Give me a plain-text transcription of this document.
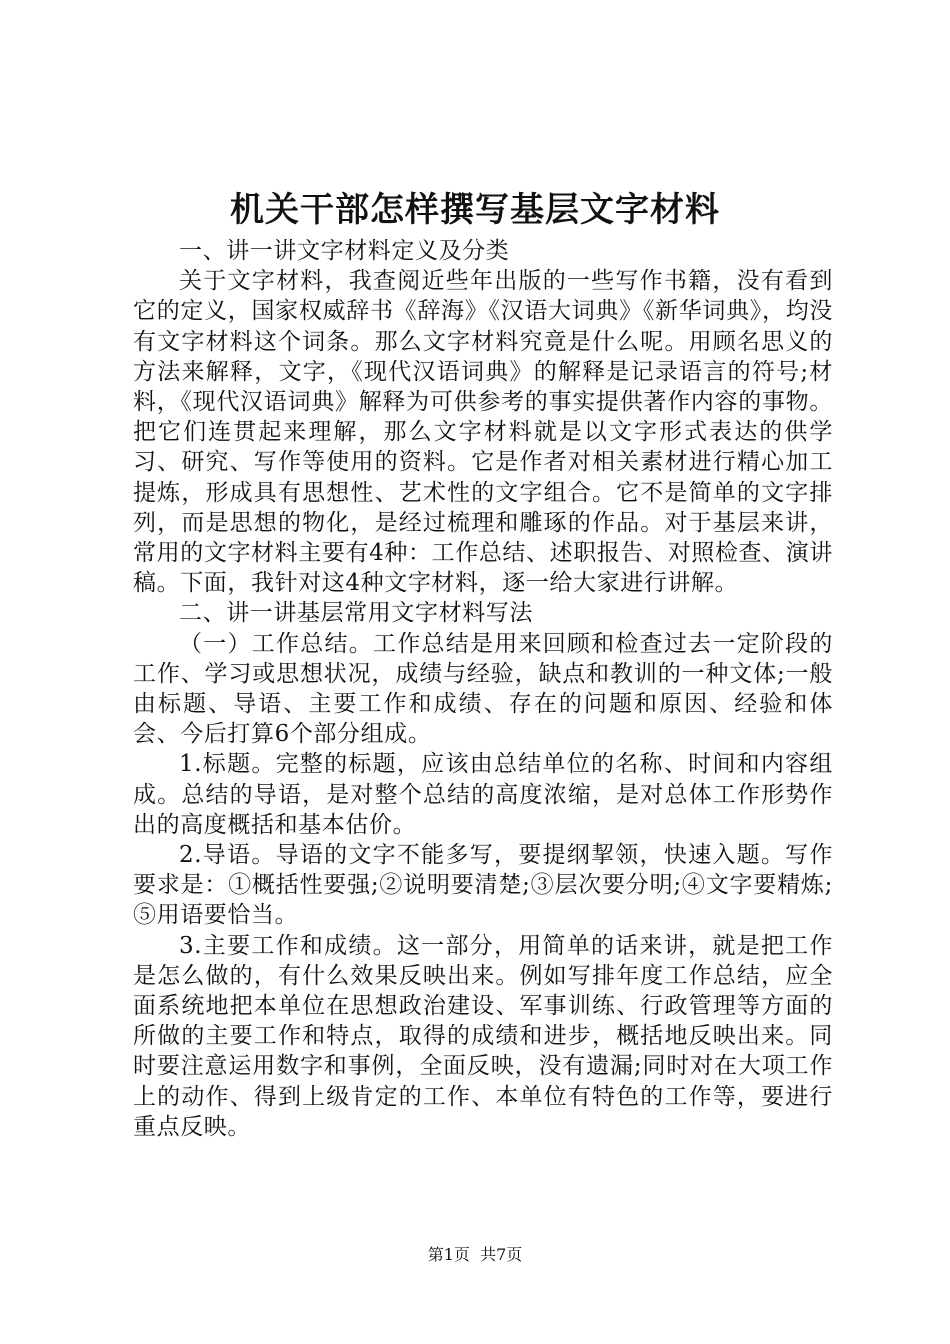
机关干部怎样撰写基层文字材料

一、讲一讲文字材料定义及分类

关于文字材料，我查阅近些年出版的一些写作书籍，没有看到它的定义，国家权威辞书《辞海》《汉语大词典》《新华词典》，均没有文字材料这个词条。那么文字材料究竟是什么呢。用顾名思义的方法来解释，文字，《现代汉语词典》的解释是记录语言的符号;材料，《现代汉语词典》解释为可供参考的事实提供著作内容的事物。把它们连贯起来理解，那么文字材料就是以文字形式表达的供学习、研究、写作等使用的资料。它是作者对相关素材进行精心加工提炼，形成具有思想性、艺术性的文字组合。它不是简单的文字排列，而是思想的物化，是经过梳理和雕琢的作品。对于基层来讲，常用的文字材料主要有4种：工作总结、述职报告、对照检查、演讲稿。下面，我针对这4种文字材料，逐一给大家进行讲解。

二、讲一讲基层常用文字材料写法

（一）工作总结。工作总结是用来回顾和检查过去一定阶段的工作、学习或思想状况，成绩与经验，缺点和教训的一种文体;一般由标题、导语、主要工作和成绩、存在的问题和原因、经验和体会、今后打算6个部分组成。

1.标题。完整的标题，应该由总结单位的名称、时间和内容组成。总结的导语，是对整个总结的高度浓缩，是对总体工作形势作出的高度概括和基本估价。

2.导语。导语的文字不能多写，要提纲挈领，快速入题。写作要求是：①概括性要强;②说明要清楚;③层次要分明;④文字要精炼;⑤用语要恰当。

3.主要工作和成绩。这一部分，用简单的话来讲，就是把工作是怎么做的，有什么效果反映出来。例如写排年度工作总结，应全面系统地把本单位在思想政治建设、军事训练、行政管理等方面的所做的主要工作和特点，取得的成绩和进步，概括地反映出来。同时要注意运用数字和事例，全面反映，没有遗漏;同时对在大项工作上的动作、得到上级肯定的工作、本单位有特色的工作等，要进行重点反映。

第1页  共7页
